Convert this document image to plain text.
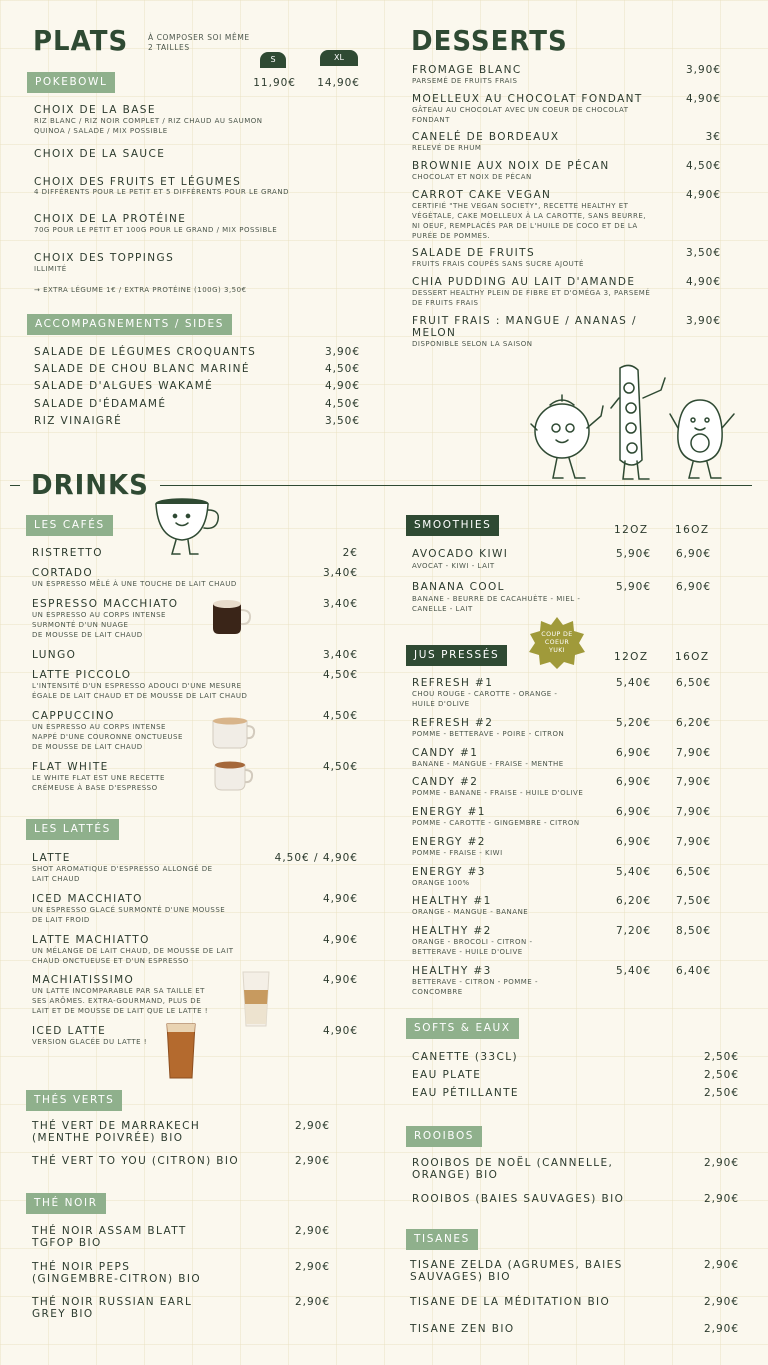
PLATS	À COMPOSER SOI MÊME
2 TAILLES
S	XL
POKEBOWL	11,90€	14,90€
CHOIX DE LA BASE
RIZ BLANC / RIZ NOIR COMPLET / RIZ CHAUD AU SAUMON
QUINOA / SALADE / MIX POSSIBLE
CHOIX DE LA SAUCE
CHOIX DES FRUITS ET LÉGUMES
4 DIFFÉRENTS POUR LE PETIT ET 5 DIFFÉRENTS POUR LE GRAND
CHOIX DE LA PROTÉINE
70G POUR LE PETIT ET 100G POUR LE GRAND / MIX POSSIBLE
CHOIX DES TOPPINGS
ILLIMITÉ
→ EXTRA LÉGUME 1€ / EXTRA PROTÉINE (100G) 3,50€
ACCOMPAGNEMENTS / SIDES
DESSERTS
DRINKS
LES CAFÉS
LES LATTÉS
THÉS VERTS
THÉ NOIR
SMOOTHIES	12OZ	16OZ
COUP DE
COEUR
YUKI
JUS PRESSÉS	12OZ	16OZ
SOFTS & EAUX
ROOIBOS
TISANES
SALADE DE LÉGUMES CROQUANTS	3,90€
SALADE DE CHOU BLANC MARINÉ	4,50€
SALADE D'ALGUES WAKAMÉ	4,90€
SALADE D'ÉDAMAMÉ	4,50€
RIZ VINAIGRÉ	3,50€
FROMAGE BLANC	3,90€
PARSEMÉ DE FRUITS FRAIS
MOELLEUX AU CHOCOLAT FONDANT	4,90€
GÂTEAU AU CHOCOLAT AVEC UN COEUR DE CHOCOLAT
FONDANT
CANELÉ DE BORDEAUX	3€
RELEVÉ DE RHUM
BROWNIE AUX NOIX DE PÉCAN	4,50€
CHOCOLAT ET NOIX DE PÉCAN
CARROT CAKE VEGAN	4,90€
CERTIFIÉ "THE VEGAN SOCIETY", RECETTE HEALTHY ET
VÉGÉTALE, CAKE MOELLEUX À LA CAROTTE, SANS BEURRE,
NI OEUF, REMPLACÉS PAR DE L'HUILE DE COCO ET DE LA
PURÉE DE POMMES.
SALADE DE FRUITS	3,50€
FRUITS FRAIS COUPÉS SANS SUCRE AJOUTÉ
CHIA PUDDING AU LAIT D'AMANDE	4,90€
DESSERT HEALTHY PLEIN DE FIBRE ET D'OMÉGA 3, PARSEMÉ
DE FRUITS FRAIS
FRUIT FRAIS : MANGUE / ANANAS /
MELON
3,90€
DISPONIBLE SELON LA SAISON
RISTRETTO	2€
CORTADO	3,40€
UN ESPRESSO MÊLÉ À UNE TOUCHE DE LAIT CHAUD
ESPRESSO MACCHIATO	3,40€
UN ESPRESSO AU CORPS INTENSE
SURMONTÉ D'UN NUAGE
DE MOUSSE DE LAIT CHAUD
LUNGO	3,40€
LATTE PICCOLO	4,50€
L'INTENSITÉ D'UN ESPRESSO ADOUCI D'UNE MESURE
ÉGALE DE LAIT CHAUD ET DE MOUSSE DE LAIT CHAUD
CAPPUCCINO	4,50€
UN ESPRESSO AU CORPS INTENSE
NAPPÉ D'UNE COURONNE ONCTUEUSE
DE MOUSSE DE LAIT CHAUD
FLAT WHITE	4,50€
LE WHITE FLAT EST UNE RECETTE
CRÉMEUSE À BASE D'ESPRESSO
LATTE	4,50€ / 4,90€
SHOT AROMATIQUE D'ESPRESSO ALLONGÉ DE
LAIT CHAUD
ICED MACCHIATO	4,90€
UN ESPRESSO GLACÉ SURMONTÉ D'UNE MOUSSE
DE LAIT FROID
LATTE MACHIATTO	4,90€
UN MÉLANGE DE LAIT CHAUD, DE MOUSSE DE LAIT
CHAUD ONCTUEUSE ET D'UN ESPRESSO
MACHIATISSIMO	4,90€
UN LATTE INCOMPARABLE PAR SA TAILLE ET
SES ARÔMES. EXTRA-GOURMAND, PLUS DE
LAIT ET DE MOUSSE DE LAIT QUE LE LATTE !
ICED LATTE	4,90€
VERSION GLACÉE DU LATTE !
THÉ VERT DE MARRAKECH
(MENTHE POIVRÉE) BIO
2,90€
THÉ VERT TO YOU (CITRON) BIO	2,90€
THÉ NOIR ASSAM BLATT
TGFOP BIO
2,90€
THÉ NOIR PEPS
(GINGEMBRE-CITRON) BIO
2,90€
THÉ NOIR RUSSIAN EARL
GREY BIO
2,90€
AVOCADO KIWI	5,90€	6,90€
AVOCAT - KIWI - LAIT
BANANA COOL	5,90€	6,90€
BANANE - BEURRE DE CACAHUÈTE - MIEL -
CANELLE - LAIT
REFRESH #1	5,40€	6,50€
CHOU ROUGE - CAROTTE - ORANGE -
HUILE D'OLIVE
REFRESH #2	5,20€	6,20€
POMME - BETTERAVE - POIRE - CITRON
CANDY #1	6,90€	7,90€
BANANE - MANGUE - FRAISE - MENTHE
CANDY #2	6,90€	7,90€
POMME - BANANE - FRAISE - HUILE D'OLIVE
ENERGY #1	6,90€	7,90€
POMME - CAROTTE - GINGEMBRE - CITRON
ENERGY #2	6,90€	7,90€
POMME - FRAISE - KIWI
ENERGY #3	5,40€	6,50€
ORANGE 100%
HEALTHY #1	6,20€	7,50€
ORANGE - MANGUE - BANANE
HEALTHY #2	7,20€	8,50€
ORANGE - BROCOLI - CITRON -
BETTERAVE - HUILE D'OLIVE
HEALTHY #3	5,40€	6,40€
BETTERAVE - CITRON - POMME -
CONCOMBRE
CANETTE (33CL)	2,50€
EAU PLATE	2,50€
EAU PÉTILLANTE	2,50€
ROOIBOS DE NOËL (CANNELLE,
ORANGE) BIO
2,90€
ROOIBOS (BAIES SAUVAGES) BIO	2,90€
TISANE ZELDA (AGRUMES, BAIES
SAUVAGES) BIO
2,90€
TISANE DE LA MÉDITATION BIO	2,90€
TISANE ZEN BIO	2,90€
